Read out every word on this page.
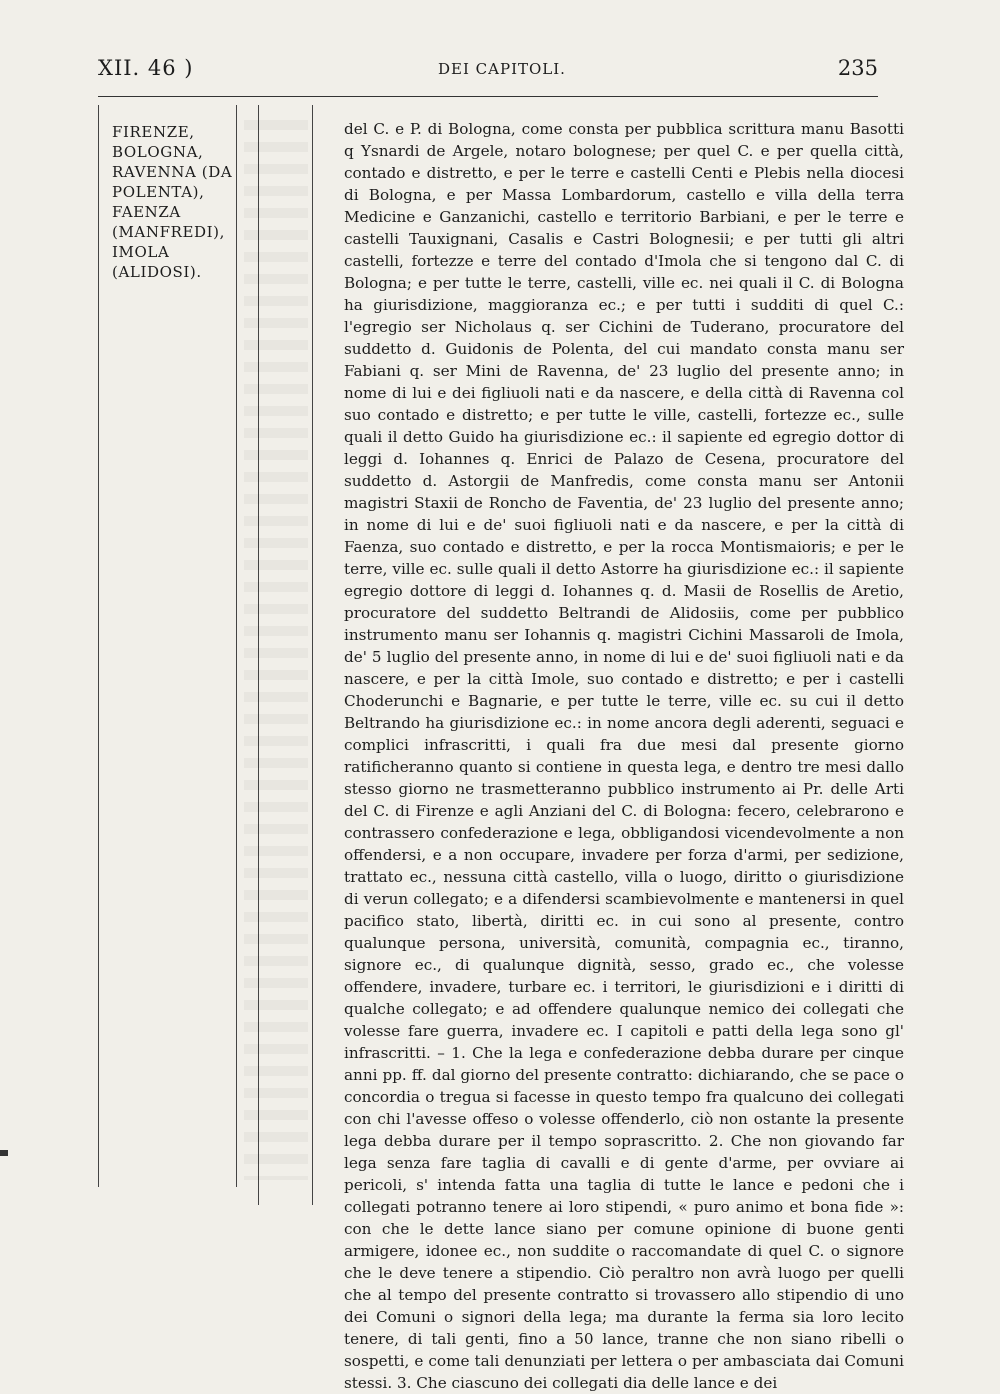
XII. 46 )	DEI CAPITOLI.	235
FIRENZE, BOLOGNA, RAVENNA (DA POLENTA), FAENZA (MANFREDI), IMOLA (ALIDOSI).

del C. e P. di Bologna, come consta per pubblica scrittura manu Basotti q Ysnardi de Argele, notaro bolognese; per quel C. e per quella città, contado e distretto, e per le terre e castelli Centi e Plebis nella diocesi di Bologna, e per Massa Lombardorum, castello e villa della terra Medicine e Ganzanichi, castello e territorio Barbiani, e per le terre e castelli Tauxignani, Casalis e Castri Bolognesii; e per tutti gli altri castelli, fortezze e terre del contado d'Imola che si tengono dal C. di Bologna; e per tutte le terre, castelli, ville ec. nei quali il C. di Bologna ha giurisdizione, maggioranza ec.; e per tutti i sudditi di quel C.: l'egregio ser Nicholaus q. ser Cichini de Tuderano, procuratore del suddetto d. Guidonis de Polenta, del cui mandato consta manu ser Fabiani q. ser Mini de Ravenna, de' 23 luglio del presente anno; in nome di lui e dei figliuoli nati e da nascere, e della città di Ravenna col suo contado e distretto; e per tutte le ville, castelli, fortezze ec., sulle quali il detto Guido ha giurisdizione ec.: il sapiente ed egregio dottor di leggi d. Iohannes q. Enrici de Palazo de Cesena, procuratore del suddetto d. Astorgii de Manfredis, come consta manu ser Antonii magistri Staxii de Roncho de Faventia, de' 23 luglio del presente anno; in nome di lui e de' suoi figliuoli nati e da nascere, e per la città di Faenza, suo contado e distretto, e per la rocca Montismaioris; e per le terre, ville ec. sulle quali il detto Astorre ha giurisdizione ec.: il sapiente egregio dottore di leggi d. Iohannes q. d. Masii de Rosellis de Aretio, procuratore del suddetto Beltrandi de Alidosiis, come per pubblico instrumento manu ser Iohannis q. magistri Cichini Massaroli de Imola, de' 5 luglio del presente anno, in nome di lui e de' suoi figliuoli nati e da nascere, e per la città Imole, suo contado e distretto; e per i castelli Choderunchi e Bagnarie, e per tutte le terre, ville ec. su cui il detto Beltrando ha giurisdizione ec.: in nome ancora degli aderenti, seguaci e complici infrascritti, i quali fra due mesi dal presente giorno ratificheranno quanto si contiene in questa lega, e dentro tre mesi dallo stesso giorno ne trasmetteranno pubblico instrumento ai Pr. delle Arti del C. di Firenze e agli Anziani del C. di Bologna: fecero, celebrarono e contrassero confederazione e lega, obbligandosi vicendevolmente a non offendersi, e a non occupare, invadere per forza d'armi, per sedizione, trattato ec., nessuna città castello, villa o luogo, diritto o giurisdizione di verun collegato; e a difendersi scambievolmente e mantenersi in quel pacifico stato, libertà, diritti ec. in cui sono al presente, contro qualunque persona, università, comunità, compagnia ec., tiranno, signore ec., di qualunque dignità, sesso, grado ec., che volesse offendere, invadere, turbare ec. i territori, le giurisdizioni e i diritti di qualche collegato; e ad offendere qualunque nemico dei collegati che volesse fare guerra, invadere ec. I capitoli e patti della lega sono gl' infrascritti. – 1. Che la lega e confederazione debba durare per cinque anni pp. ff. dal giorno del presente contratto: dichiarando, che se pace o concordia o tregua si facesse in questo tempo fra qualcuno dei collegati con chi l'avesse offeso o volesse offenderlo, ciò non ostante la presente lega debba durare per il tempo soprascritto. 2. Che non giovando far lega senza fare taglia di cavalli e di gente d'arme, per ovviare ai pericoli, s' intenda fatta una taglia di tutte le lance e pedoni che i collegati potranno tenere ai loro stipendi, « puro animo et bona fide »: con che le dette lance siano per comune opinione di buone genti armigere, idonee ec., non suddite o raccomandate di quel C. o signore che le deve tenere a stipendio. Ciò peraltro non avrà luogo per quelli che al tempo del presente contratto si trovassero allo stipendio di uno dei Comuni o signori della lega; ma durante la ferma sia loro lecito tenere, di tali genti, fino a 50 lance, tranne che non siano ribelli o sospetti, e come tali denunziati per lettera o per ambasciata dai Comuni stessi. 3. Che ciascuno dei collegati dia delle lance e dei
